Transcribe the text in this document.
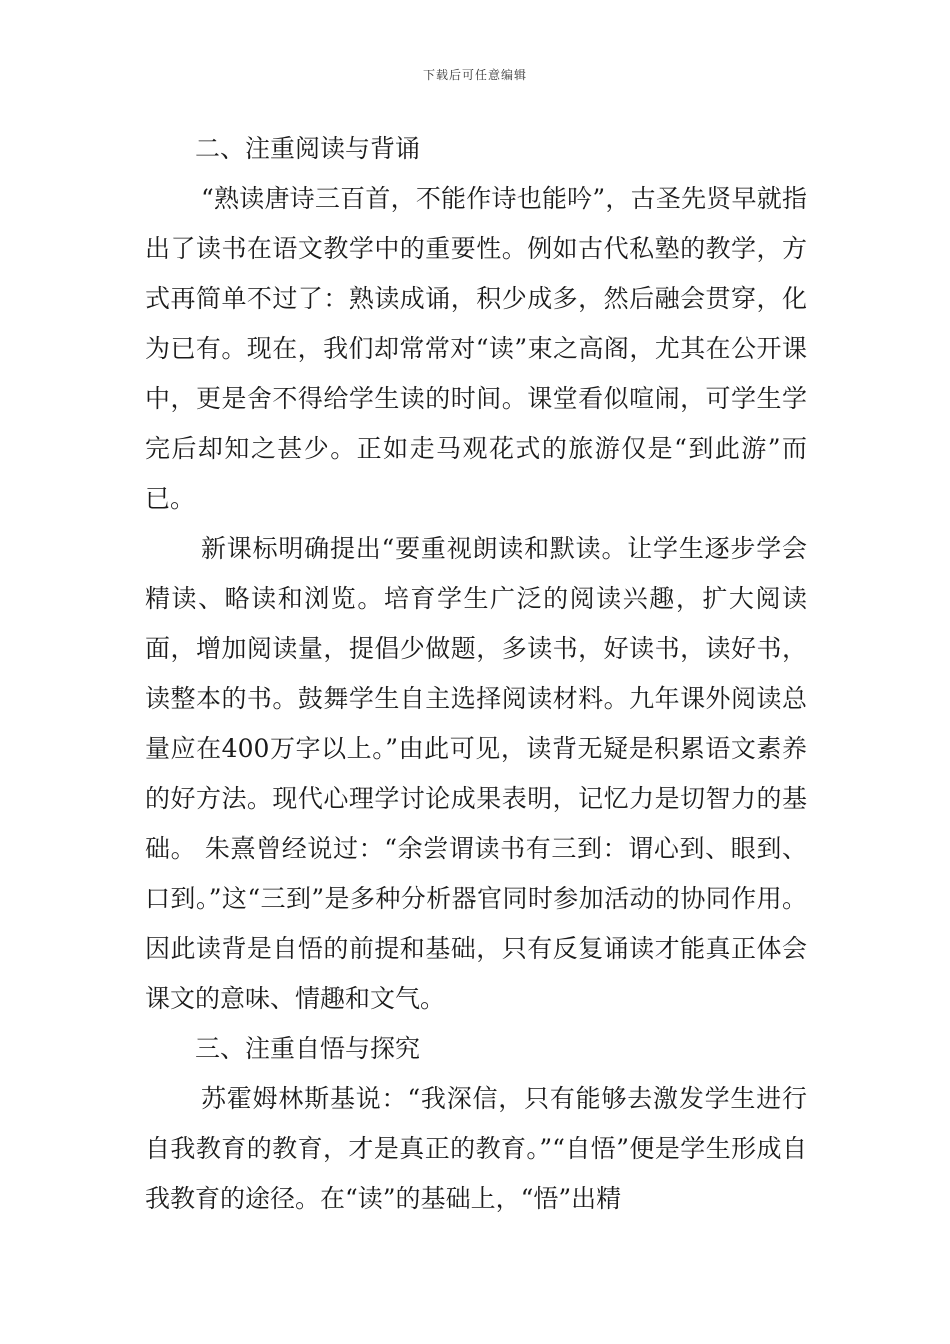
下载后可任意编辑

二、注重阅读与背诵

“熟读唐诗三百首，不能作诗也能吟”，古圣先贤早就指出了读书在语文教学中的重要性。例如古代私塾的教学，方式再简单不过了：熟读成诵，积少成多，然后融会贯穿，化为已有。现在，我们却常常对“读”束之高阁，尤其在公开课中，更是舍不得给学生读的时间。课堂看似喧闹，可学生学完后却知之甚少。正如走马观花式的旅游仅是“到此游”而已。

新课标明确提出“要重视朗读和默读。让学生逐步学会精读、略读和浏览。培育学生广泛的阅读兴趣，扩大阅读面，增加阅读量，提倡少做题，多读书，好读书，读好书，读整本的书。鼓舞学生自主选择阅读材料。九年课外阅读总量应在400万字以上。”由此可见，读背无疑是积累语文素养的好方法。现代心理学讨论成果表明，记忆力是切智力的基础。 朱熹曾经说过：“余尝谓读书有三到：谓心到、眼到、口到。”这“三到”是多种分析器官同时参加活动的协同作用。因此读背是自悟的前提和基础，只有反复诵读才能真正体会课文的意味、情趣和文气。

三、注重自悟与探究

苏霍姆林斯基说：“我深信，只有能够去激发学生进行自我教育的教育，才是真正的教育。”“自悟”便是学生形成自我教育的途径。在“读”的基础上，“悟”出精
